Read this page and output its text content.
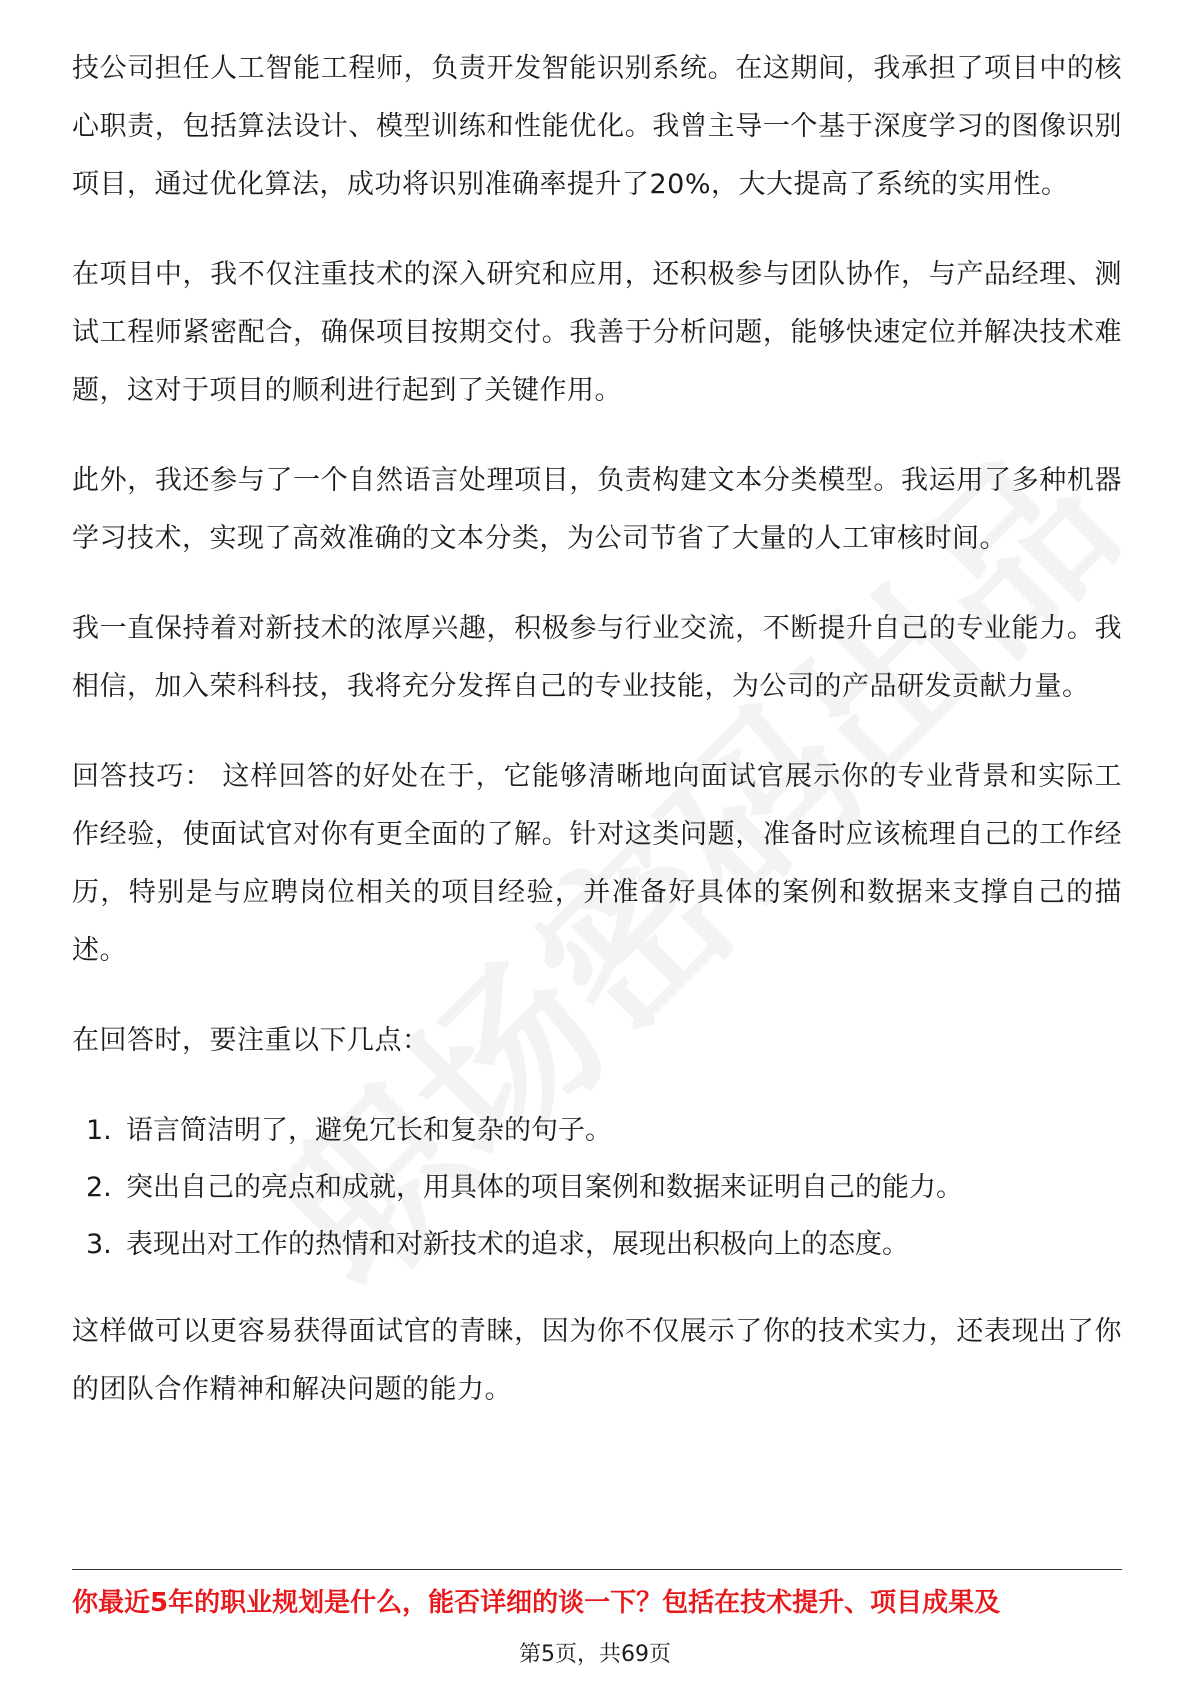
技公司担任人工智能工程师，负责开发智能识别系统。在这期间，我承担了项目中的核心职责，包括算法设计、模型训练和性能优化。我曾主导一个基于深度学习的图像识别项目，通过优化算法，成功将识别准确率提升了20%，大大提高了系统的实用性。

在项目中，我不仅注重技术的深入研究和应用，还积极参与团队协作，与产品经理、测试工程师紧密配合，确保项目按期交付。我善于分析问题，能够快速定位并解决技术难题，这对于项目的顺利进行起到了关键作用。

此外，我还参与了一个自然语言处理项目，负责构建文本分类模型。我运用了多种机器学习技术，实现了高效准确的文本分类，为公司节省了大量的人工审核时间。

我一直保持着对新技术的浓厚兴趣，积极参与行业交流，不断提升自己的专业能力。我相信，加入荣科科技，我将充分发挥自己的专业技能，为公司的产品研发贡献力量。

回答技巧： 这样回答的好处在于，它能够清晰地向面试官展示你的专业背景和实际工作经验，使面试官对你有更全面的了解。针对这类问题，准备时应该梳理自己的工作经历，特别是与应聘岗位相关的项目经验，并准备好具体的案例和数据来支撑自己的描述。

在回答时，要注重以下几点：

1. 语言简洁明了，避免冗长和复杂的句子。
2. 突出自己的亮点和成就，用具体的项目案例和数据来证明自己的能力。
3. 表现出对工作的热情和对新技术的追求，展现出积极向上的态度。

这样做可以更容易获得面试官的青睐，因为你不仅展示了你的技术实力，还表现出了你的团队合作精神和解决问题的能力。

你最近5年的职业规划是什么，能否详细的谈一下？包括在技术提升、项目成果及
第5页，共69页
